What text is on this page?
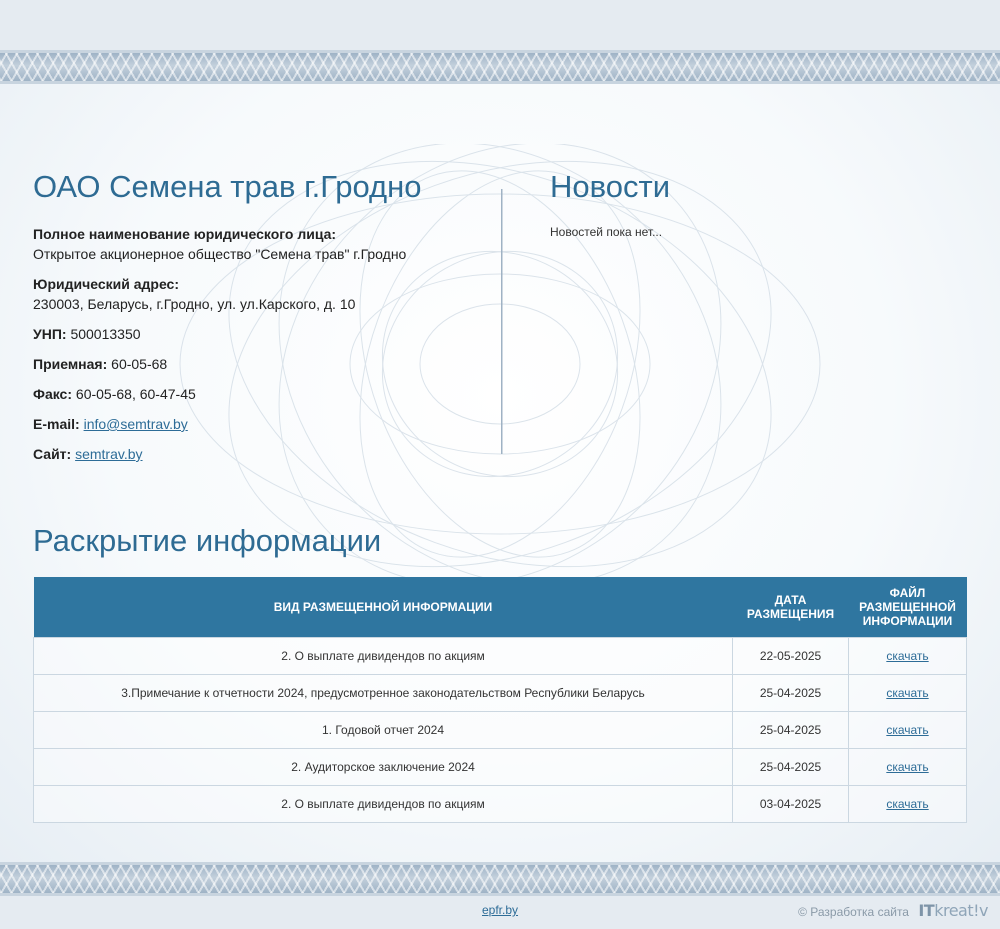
ОАО Семена трав г.Гродно

Полное наименование юридического лица:
Открытое акционерное общество "Семена трав" г.Гродно

Юридический адрес:
230003, Беларусь, г.Гродно, ул. ул.Карского, д. 10

УНП: 500013350

Приемная: 60-05-68

Факс: 60-05-68, 60-47-45

E-mail: info@semtrav.by

Сайт: semtrav.by

Новости
Новостей пока нет...
Раскрытие информации
ВИД РАЗМЕЩЕННОЙ ИНФОРМАЦИИ	ДАТА РАЗМЕЩЕНИЯ	ФАЙЛ РАЗМЕЩЕННОЙ ИНФОРМАЦИИ
2. О выплате дивидендов по акциям	22-05-2025	скачать
3.Примечание к отчетности 2024, предусмотренное законодательством Республики Беларусь	25-04-2025	скачать
1. Годовой отчет 2024	25-04-2025	скачать
2. Аудиторское заключение 2024	25-04-2025	скачать
2. О выплате дивидендов по акциям	03-04-2025	скачать
epfr.by	© Разработка сайта ITkreat!v
